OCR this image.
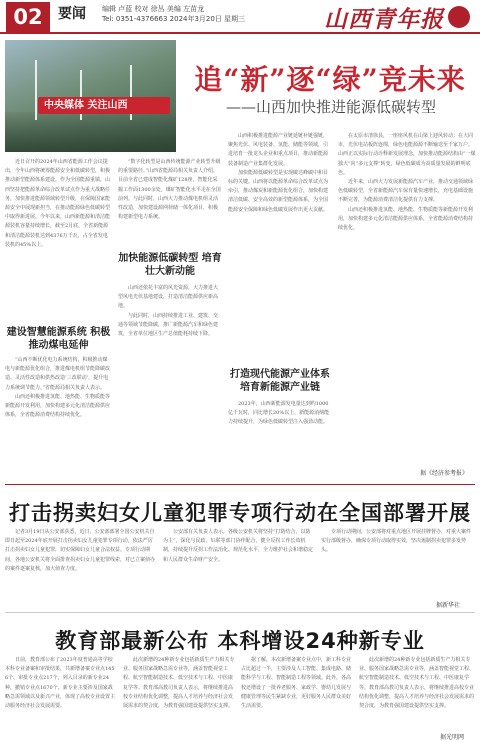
02	要闻 编辑 卢蓝 校对 徐丛 美编 左苗龙
Tel: 0351-4376663 2024年3月20日 星期三	山西青年报
中央媒体 关注山西
追“新”逐“绿”竞未来
——山西加快推进能源低碳转型

近日召开的2024年山西省能源工作会议提出，今年山西将统筹能源安全和低碳转型，积极推动新型能源体系建设。作为全国能源重镇，山西坚持把能源革命综合改革试点作为重大战略任务，加快推进能源领域转型升级，在保障国家能源安全中展现新担当，在推动能源绿色低碳转型中取得新进展。今年以来，山西新能源和清洁能源装机容量持续增长，截至2月底，全省新能源和清洁能源装机达到4376万千瓦，占全省发电装机的45%以上。

建设智慧能源系统 积极推动煤电延伸

“山西不断优化电力系统结构，积极推动煤电与新能源优化组合，推进煤电机组节能降碳改造、灵活性改造和供热改造‘三改联动’，提升电力系统调节能力。”省能源局相关负责人表示。

山西还积极推进氢能、地热能、生物质能等新能源开发利用，加快构建多元化清洁能源供应体系，全省能源消费结构持续优化。

“数字化转型是山西传统能源产业转型升级的重要路径。”山西省能源局相关负责人介绍，目前全省已建成智能化煤矿128座，智能化采掘工作面1300余处，煤矿智能化水平走在全国前列。与此同时，山西大力推动煤电机组灵活性改造，加快建设源网荷储一体化项目，积极构建新型电力系统。

加快能源低碳转型 培育壮大新动能

山西还依托丰富的风光资源，大力推进大型风电光伏基地建设，打造清洁能源供应新高地。

与此同时，山西持续推进工业、建筑、交通等领域节能降碳，推广新能源汽车和绿色建筑，全省单位地区生产总值能耗持续下降。

山西积极推进能源产业链延链补链强链，聚焦光伏、风电装备、氢能、储能等领域，引进培育一批龙头企业和重点项目，推动新能源装备制造产业集群化发展。

加快能源低碳转型是实现碳达峰碳中和目标的关键。山西将以能源革命综合改革试点为牵引，推动煤炭和新能源优化组合，加快构建清洁低碳、安全高效的新型能源体系，为全国能源安全保障和绿色低碳发展作出更大贡献。

打造现代能源产业体系 培育新能源产业链

2023年，山西新能源发电量达到约1000亿千瓦时，同比增长20%以上，新能源消纳能力持续提升，为绿色低碳转型注入强劲动能。

在太原市清徐县，一座座风机在山梁上迎风转动；在大同市，光伏电站板阵连绵，绿色电能源源不断输送至千家万户。山西正以实际行动诠释新发展理念，加快推动能源结构由“一煤独大”向“多元支撑”转变，绿色低碳成为高质量发展的鲜明底色。

近年来，山西大力发展新能源汽车产业，推动交通领域绿色低碳转型，全省新能源汽车保有量快速增长，充电基础设施不断完善，为能源消费清洁化提供有力支撑。

山西还积极推进氢能、地热能、生物质能等新能源开发利用，加快构建多元化清洁能源供应体系，全省能源消费结构持续优化。

据《经济参考报》
打击拐卖妇女儿童犯罪专项行动在全国部署开展

记者3月19日从公安部获悉，近日，公安部部署全国公安机关自即日起至2024年底开展打击拐卖妇女儿童犯罪专项行动，依法严厉打击拐卖妇女儿童犯罪，切实保障妇女儿童合法权益。专项行动期间，各地公安机关将全面排查拐卖妇女儿童犯罪线索，对已立案侦办的案件逐案复核，加大侦查力度。

公安部有关负责人表示，各级公安机关将坚持“打防结合、以防为主”，深化与民政、妇联等部门协作配合，健全反拐工作长效机制，持续提升反拐工作法治化、规范化水平，全力维护社会和谐稳定和人民群众生命财产安全。

专项行动期间，公安部将对重点地区开展挂牌督办，对重大案件实行部级督办，确保专项行动取得实效，坚决遏制拐卖犯罪多发势头。

据新华社
教育部最新公布 本科增设24种新专业

日前，教育部公布了2023年度普通高等学校本科专业备案和审批结果，共新增备案专业点1456个、审批专业点217个，列入目录的新专业24种，撤销专业点1670个。新专业主要涉及国家战略急需领域以及新兴产业，体现了高校专业设置主动服务经济社会发展需要。

此次新增的24种新专业包括新质生产力相关专业、服务国家战略急需专业等，涵盖智能视觉工程、航空智能制造技术、低空技术与工程、中医康复学等。教育部高教司负责人表示，将继续推进高校专业结构优化调整，提高人才培养与经济社会发展需求的契合度，为教育强国建设提供坚实支撑。

据了解，本次新增备案专业点中，新工科专业占比超过一半，主要涉及人工智能、集成电路、储能科学与工程、智能制造工程等领域。此外，各高校还增设了一批养老服务、家政学、婴幼儿发展与健康管理等民生紧缺专业，更好服务人民群众美好生活需要。

此次新增的24种新专业包括新质生产力相关专业、服务国家战略急需专业等，涵盖智能视觉工程、航空智能制造技术、低空技术与工程、中医康复学等。教育部高教司负责人表示，将继续推进高校专业结构优化调整，提高人才培养与经济社会发展需求的契合度，为教育强国建设提供坚实支撑。

据光明网
